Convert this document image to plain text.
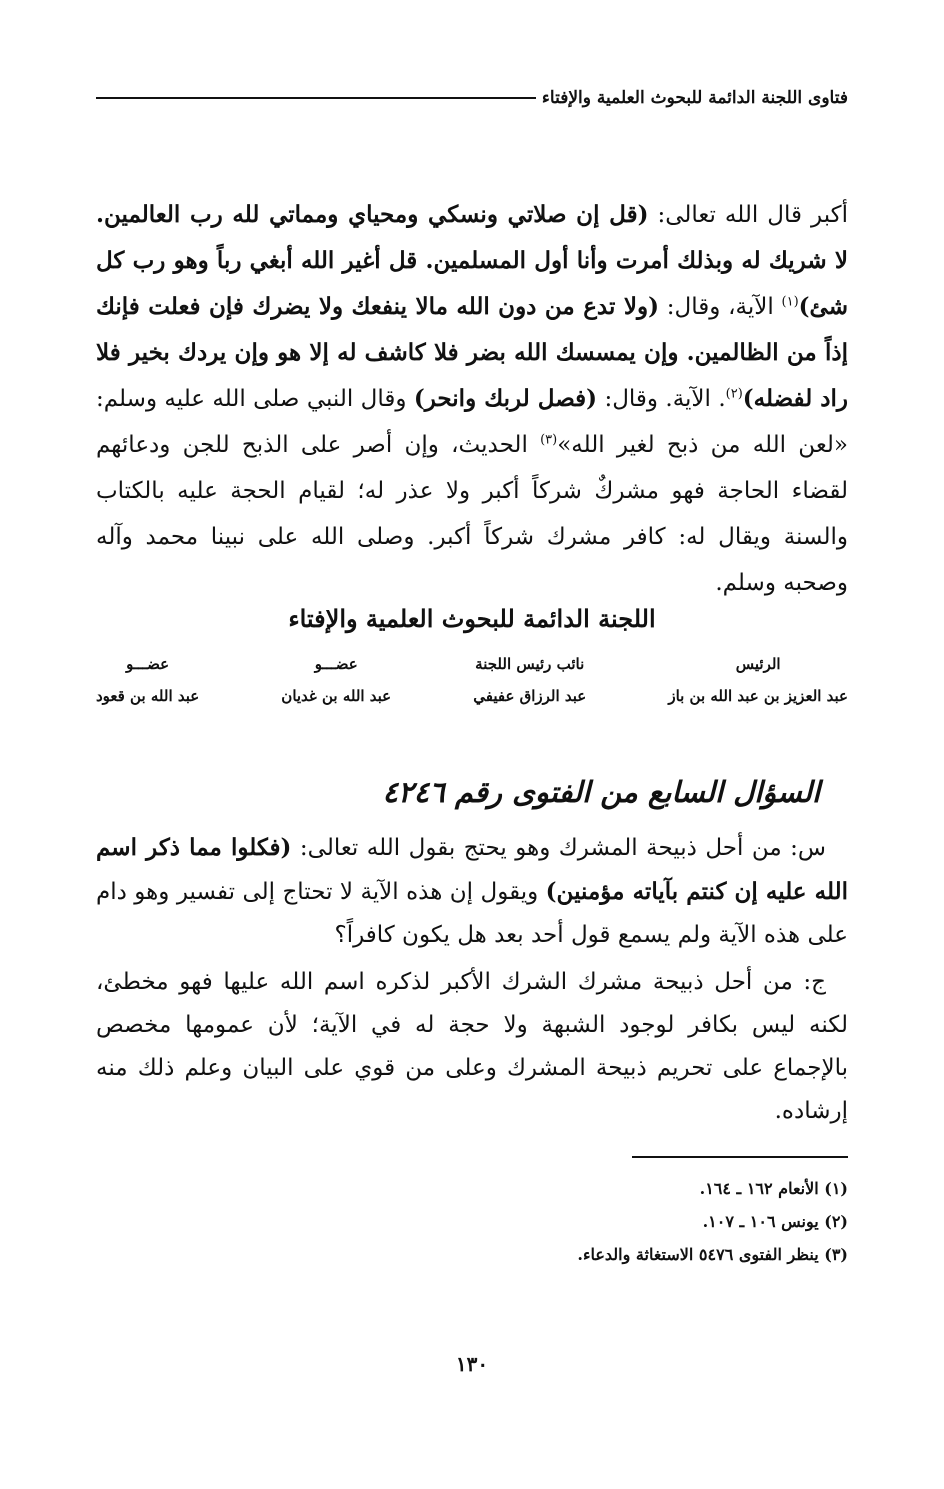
فتاوى اللجنة الدائمة للبحوث العلمية والإفتاء
أكبر قال الله تعالى: (قل إن صلاتي ونسكي ومحياي ومماتي لله رب العالمين. لا شريك له وبذلك أمرت وأنا أول المسلمين. قل أغير الله أبغي رباً وهو رب كل شئ)$^{(١)}$ الآية، وقال: (ولا تدع من دون الله مالا ينفعك ولا يضرك فإن فعلت فإنك إذاً من الظالمين. وإن يمسسك الله بضر فلا كاشف له إلا هو وإن يردك بخير فلا راد لفضله)$^{(٢)}$. الآية. وقال: (فصل لربك وانحر) وقال النبي صلى الله عليه وسلم: «لعن الله من ذبح لغير الله»$^{(٣)}$ الحديث، وإن أصر على الذبح للجن ودعائهم لقضاء الحاجة فهو مشركٌ شركاً أكبر ولا عذر له؛ لقيام الحجة عليه بالكتاب والسنة ويقال له: كافر مشرك شركاً أكبر. وصلى الله على نبينا محمد وآله وصحبه وسلم.
اللجنة الدائمة للبحوث العلمية والإفتاء
الرئيس
عبد العزيز بن عبد الله بن باز
نائب رئيس اللجنة
عبد الرزاق عفيفي
عضـــو
عبد الله بن غديان
عضـــو
عبد الله بن قعود
السؤال السابع من الفتوى رقم ٤٢٤٦

س: من أحل ذبيحة المشرك وهو يحتج بقول الله تعالى: (فكلوا مما ذكر اسم الله عليه إن كنتم بآياته مؤمنين) ويقول إن هذه الآية لا تحتاج إلى تفسير وهو دام على هذه الآية ولم يسمع قول أحد بعد هل يكون كافراً؟

ج: من أحل ذبيحة مشرك الشرك الأكبر لذكره اسم الله عليها فهو مخطئ، لكنه ليس بكافر لوجود الشبهة ولا حجة له في الآية؛ لأن عمومها مخصص بالإجماع على تحريم ذبيحة المشرك وعلى من قوي على البيان وعلم ذلك منه إرشاده.

(١) الأنعام ١٦٢ ـ ١٦٤.
(٢) يونس ١٠٦ ـ ١٠٧.
(٣) ينظر الفتوى ٥٤٧٦ الاستغاثة والدعاء.
١٣٠
